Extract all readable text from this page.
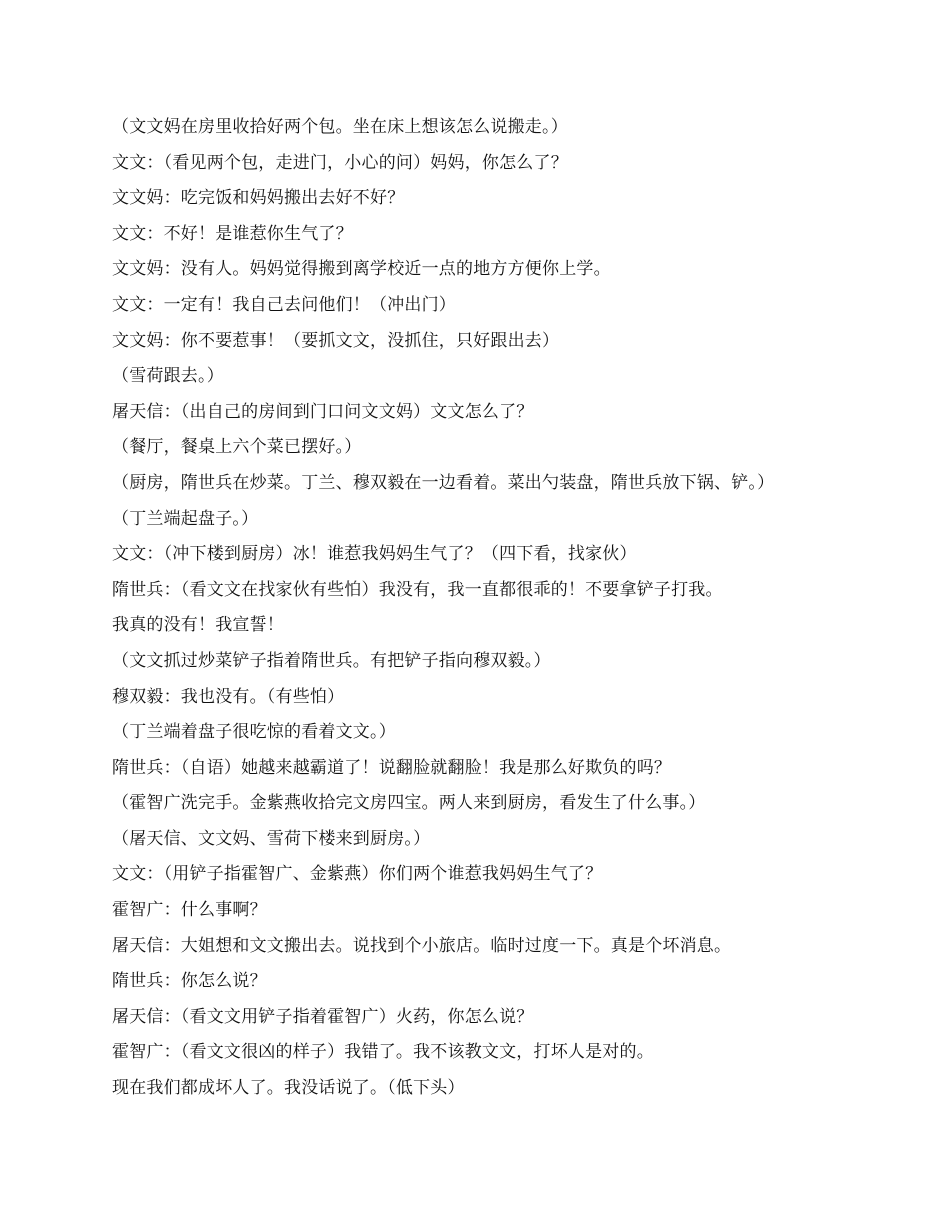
（文文妈在房里收拾好两个包。坐在床上想该怎么说搬走。）
文文：（看见两个包，走进门，小心的问）妈妈，你怎么了？
文文妈：吃完饭和妈妈搬出去好不好？
文文：不好！是谁惹你生气了？
文文妈：没有人。妈妈觉得搬到离学校近一点的地方方便你上学。
文文：一定有！我自己去问他们！（冲出门）
文文妈：你不要惹事！（要抓文文，没抓住，只好跟出去）
（雪荷跟去。）
屠天信：（出自己的房间到门口问文文妈）文文怎么了？
（餐厅，餐桌上六个菜已摆好。）
（厨房，隋世兵在炒菜。丁兰、穆双毅在一边看着。菜出勺装盘，隋世兵放下锅、铲。）
（丁兰端起盘子。）
文文：（冲下楼到厨房）冰！谁惹我妈妈生气了？（四下看，找家伙）
隋世兵：（看文文在找家伙有些怕）我没有，我一直都很乖的！不要拿铲子打我。
我真的没有！我宣誓！
（文文抓过炒菜铲子指着隋世兵。有把铲子指向穆双毅。）
穆双毅：我也没有。（有些怕）
（丁兰端着盘子很吃惊的看着文文。）
隋世兵：（自语）她越来越霸道了！说翻脸就翻脸！我是那么好欺负的吗？
（霍智广洗完手。金紫燕收拾完文房四宝。两人来到厨房，看发生了什么事。）
（屠天信、文文妈、雪荷下楼来到厨房。）
文文：（用铲子指霍智广、金紫燕）你们两个谁惹我妈妈生气了？
霍智广：什么事啊？
屠天信：大姐想和文文搬出去。说找到个小旅店。临时过度一下。真是个坏消息。
隋世兵：你怎么说？
屠天信：（看文文用铲子指着霍智广）火药，你怎么说？
霍智广：（看文文很凶的样子）我错了。我不该教文文，打坏人是对的。
现在我们都成坏人了。我没话说了。（低下头）
